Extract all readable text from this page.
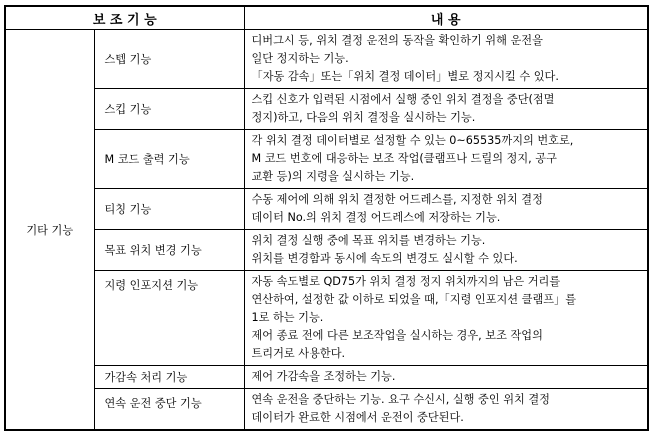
보 조 기 능		내 용
기타 기능	스텝 기능	디버그시 등, 위치 결정 운전의 동작을 확인하기 위해 운전을
일단 정지하는 기능.
「자동 감속」또는「위치 결정 데이터」별로 정지시킬 수 있다.

	스킵 기능	스킵 신호가 입력된 시점에서 실행 중인 위치 결정을 중단(점멸
정지)하고, 다음의 위치 결정을 실시하는 기능.

	M 코드 출력 기능	각 위치 결정 데이터별로 설정할 수 있는 0~65535까지의 번호로,
M 코드 번호에 대응하는 보조 작업(클램프나 드릴의 정지, 공구
교환 등)의 지령을 실시하는 기능.

	티칭 기능	수동 제어에 의해 위치 결정한 어드레스를, 지정한 위치 결정
데이터 No.의 위치 결정 어드레스에 저장하는 기능.

	목표 위치 변경 기능	위치 결정 실행 중에 목표 위치를 변경하는 기능.
위치를 변경함과 동시에 속도의 변경도 실시할 수 있다.

	지령 인포지션 기능	자동 속도별로 QD75가 위치 결정 정지 위치까지의 남은 거리를
연산하여, 설정한 값 이하로 되었을 때,「지령 인포지션 클램프」를
1로 하는 기능.
제어 종료 전에 다른 보조작업을 실시하는 경우, 보조 작업의
트리거로 사용한다.

	가감속 처리 기능	제어 가감속을 조정하는 기능.

	연속 운전 중단 기능	연속 운전을 중단하는 기능. 요구 수신시, 실행 중인 위치 결정
데이터가 완료한 시점에서 운전이 중단된다.
